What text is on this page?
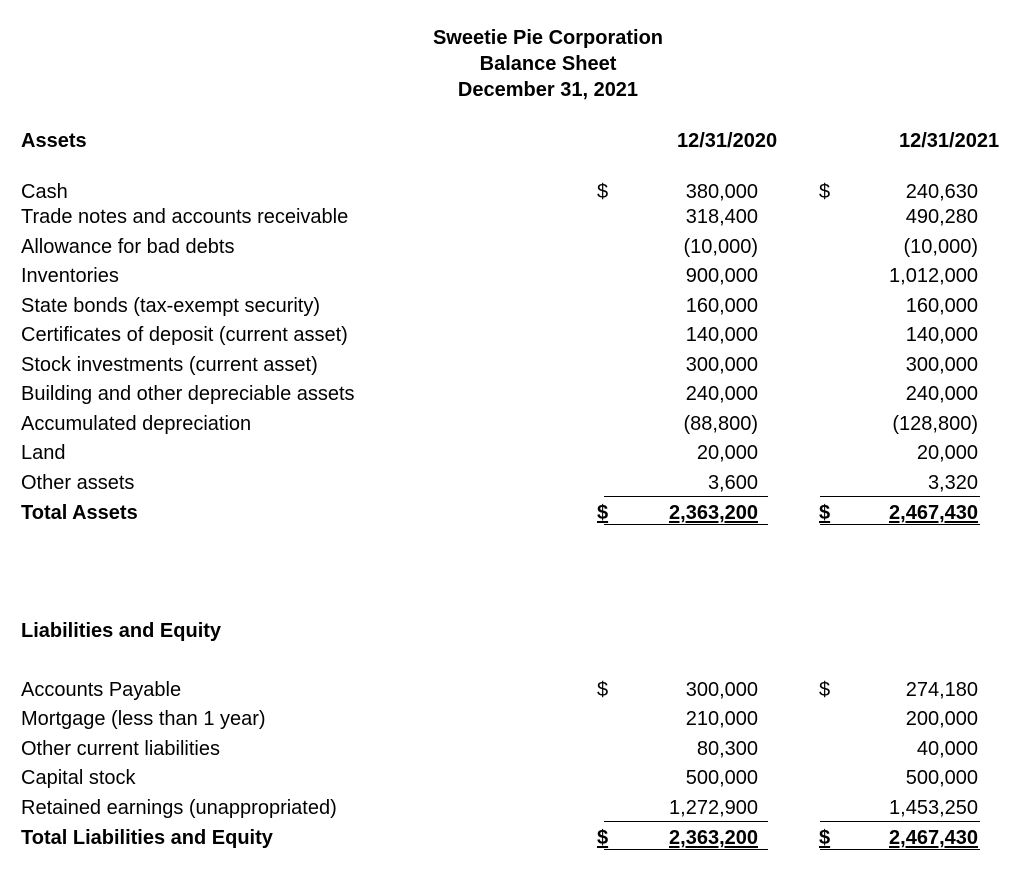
Sweetie Pie Corporation
Balance Sheet
December 31, 2021
Assets	12/31/2020	12/31/2021
$	$
Cash	380,000	240,630
Trade notes and accounts receivable	318,400	490,280
Allowance for bad debts	(10,000)	(10,000)
Inventories	900,000	1,012,000
State bonds (tax-exempt security)	160,000	160,000
Certificates of deposit (current asset)	140,000	140,000
Stock investments (current asset)	300,000	300,000
Building and other depreciable assets	240,000	240,000
Accumulated depreciation	(88,800)	(128,800)
Land	20,000	20,000
Other assets	3,600	3,320
Total Assets	$	2,363,200	$	2,467,430
Liabilities and Equity
$	$
Accounts Payable	300,000	274,180
Mortgage (less than 1 year)	210,000	200,000
Other current liabilities	80,300	40,000
Capital stock	500,000	500,000
Retained earnings (unappropriated)	1,272,900	1,453,250
Total Liabilities and Equity	$	2,363,200	$	2,467,430
